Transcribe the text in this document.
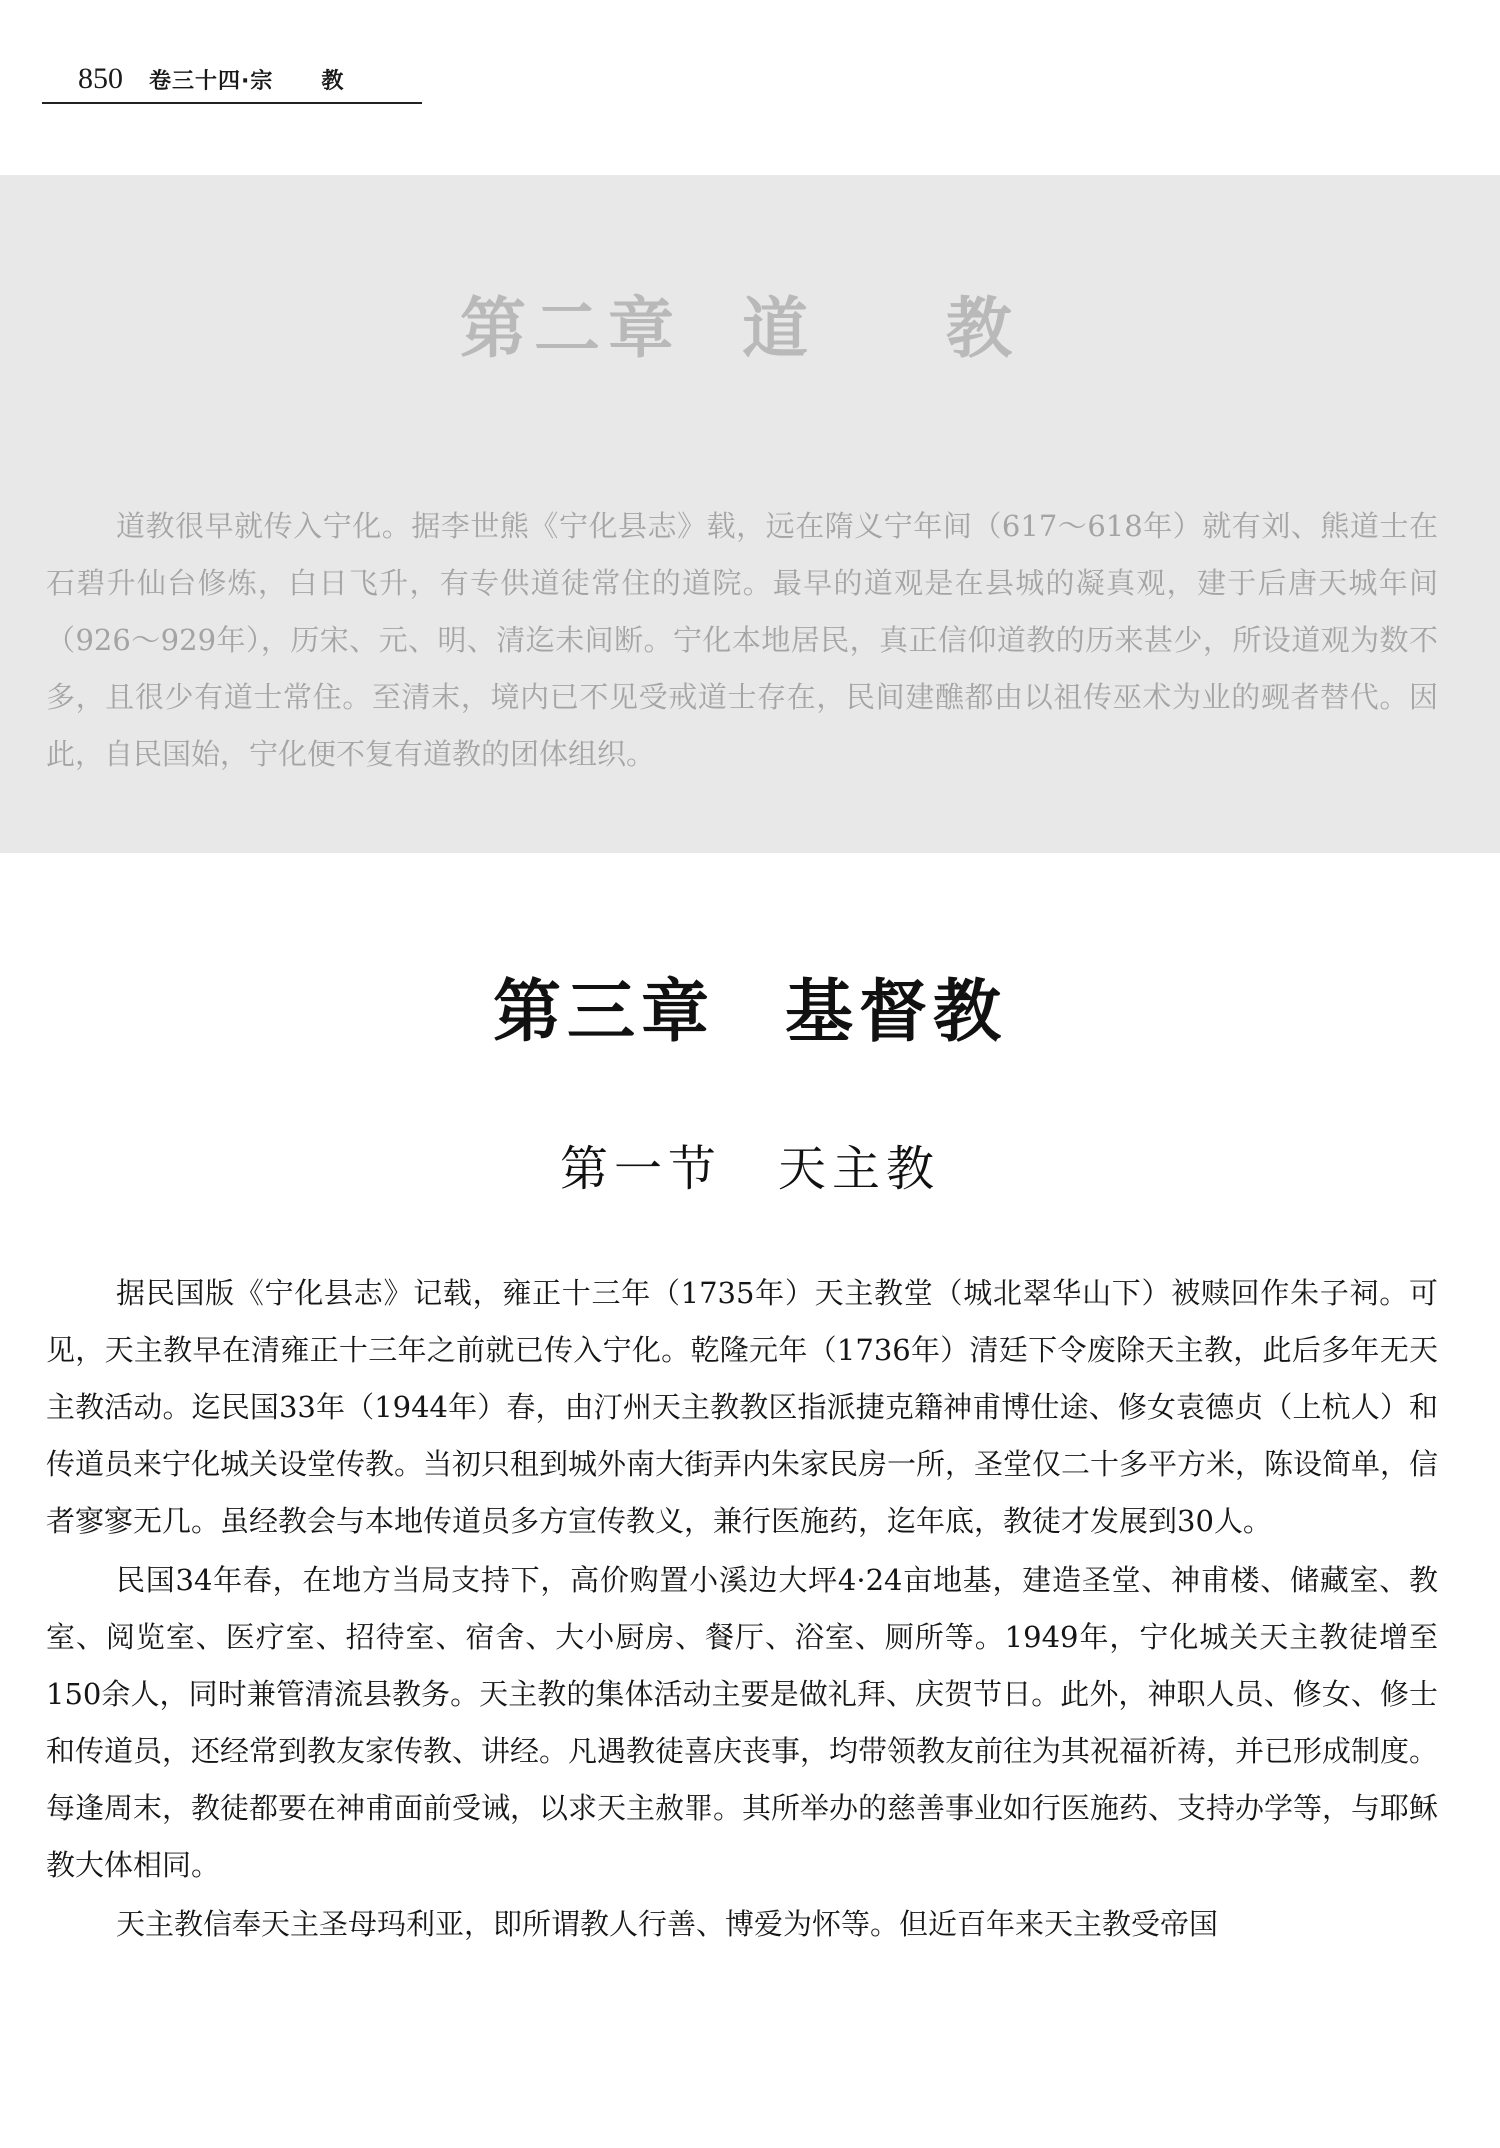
850 卷三十四·宗 教
第二章 道 教

道教很早就传入宁化。据李世熊《宁化县志》载，远在隋义宁年间（617～618年）就有刘、熊道士在石碧升仙台修炼，白日飞升，有专供道徒常住的道院。最早的道观是在县城的凝真观，建于后唐天城年间（926～929年），历宋、元、明、清迄未间断。宁化本地居民，真正信仰道教的历来甚少，所设道观为数不多，且很少有道士常住。至清末，境内已不见受戒道士存在，民间建醮都由以祖传巫术为业的觋者替代。因此，自民国始，宁化便不复有道教的团体组织。

第三章 基督教
第一节 天主教

据民国版《宁化县志》记载，雍正十三年（1735年）天主教堂（城北翠华山下）被赎回作朱子祠。可见，天主教早在清雍正十三年之前就已传入宁化。乾隆元年（1736年）清廷下令废除天主教，此后多年无天主教活动。迄民国33年（1944年）春，由汀州天主教教区指派捷克籍神甫博仕途、修女袁德贞（上杭人）和传道员来宁化城关设堂传教。当初只租到城外南大街弄内朱家民房一所，圣堂仅二十多平方米，陈设简单，信者寥寥无几。虽经教会与本地传道员多方宣传教义，兼行医施药，迄年底，教徒才发展到30人。

民国34年春，在地方当局支持下，高价购置小溪边大坪4·24亩地基，建造圣堂、神甫楼、储藏室、教室、阅览室、医疗室、招待室、宿舍、大小厨房、餐厅、浴室、厕所等。1949年，宁化城关天主教徒增至150余人，同时兼管清流县教务。天主教的集体活动主要是做礼拜、庆贺节日。此外，神职人员、修女、修士和传道员，还经常到教友家传教、讲经。凡遇教徒喜庆丧事，均带领教友前往为其祝福祈祷，并已形成制度。每逢周末，教徒都要在神甫面前受诫，以求天主赦罪。其所举办的慈善事业如行医施药、支持办学等，与耶稣教大体相同。

天主教信奉天主圣母玛利亚，即所谓教人行善、博爱为怀等。但近百年来天主教受帝国
